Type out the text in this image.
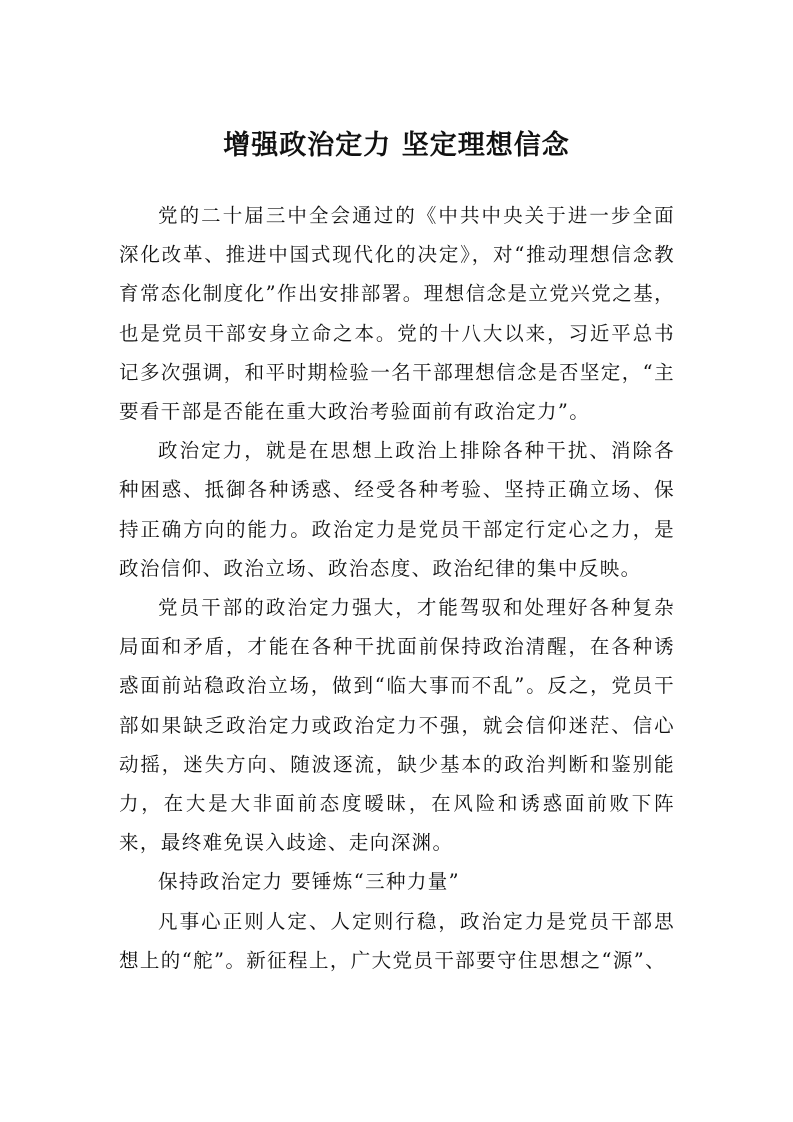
增强政治定力 坚定理想信念

党的二十届三中全会通过的《中共中央关于进一步全面深化改革、推进中国式现代化的决定》，对“推动理想信念教育常态化制度化”作出安排部署。理想信念是立党兴党之基，也是党员干部安身立命之本。党的十八大以来，习近平总书记多次强调，和平时期检验一名干部理想信念是否坚定，“主要看干部是否能在重大政治考验面前有政治定力”。

政治定力，就是在思想上政治上排除各种干扰、消除各种困惑、抵御各种诱惑、经受各种考验、坚持正确立场、保持正确方向的能力。政治定力是党员干部定行定心之力，是政治信仰、政治立场、政治态度、政治纪律的集中反映。

党员干部的政治定力强大，才能驾驭和处理好各种复杂局面和矛盾，才能在各种干扰面前保持政治清醒，在各种诱惑面前站稳政治立场，做到“临大事而不乱”。反之，党员干部如果缺乏政治定力或政治定力不强，就会信仰迷茫、信心动摇，迷失方向、随波逐流，缺少基本的政治判断和鉴别能力，在大是大非面前态度暧昧，在风险和诱惑面前败下阵来，最终难免误入歧途、走向深渊。

保持政治定力 要锤炼“三种力量”

凡事心正则人定、人定则行稳，政治定力是党员干部思想上的“舵”。新征程上，广大党员干部要守住思想之“源”、
